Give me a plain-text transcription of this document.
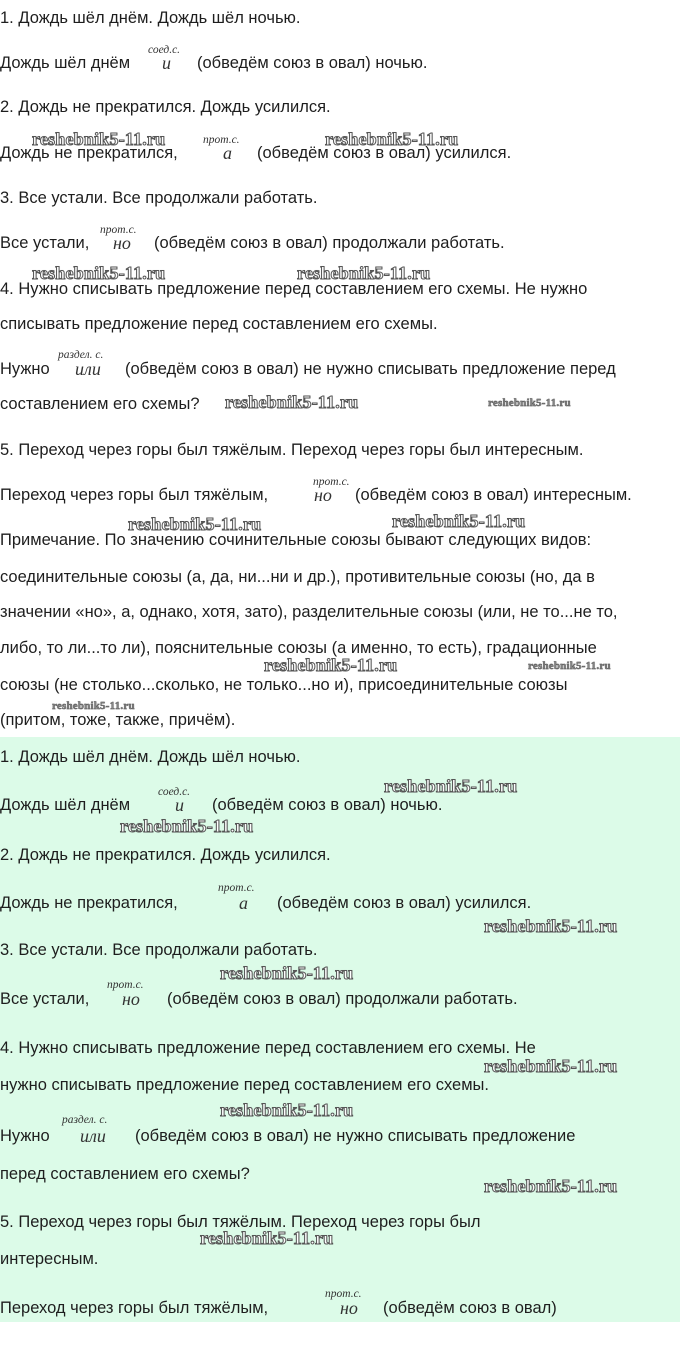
1. Дождь шёл днём. Дождь шёл ночью.
Дождь шёл днём
соед.с.
и (обведём союз в овал) ночью.
2. Дождь не прекратился. Дождь усилился.
reshebnik5-11.ru	reshebnik5-11.ru
Дождь не прекратился,
прот.с.
а (обведём союз в овал) усилился.
3. Все устали. Все продолжали работать.
Все устали,
прот.с.
но (обведём союз в овал) продолжали работать.
reshebnik5-11.ru	reshebnik5-11.ru
4. Нужно списывать предложение перед составлением его схемы. Не нужно
списывать предложение перед составлением его схемы.
Нужно
раздел. с.
или (обведём союз в овал) не нужно списывать предложение перед
составлением его схемы? reshebnik5-11.ru	reshebnik5-11.ru
5. Переход через горы был тяжёлым. Переход через горы был интересным.
Переход через горы был тяжёлым,
прот.с.
но (обведём союз в овал) интересным.
reshebnik5-11.ru	reshebnik5-11.ru
Примечание. По значению сочинительные союзы бывают следующих видов:
соединительные союзы (а, да, ни...ни и др.), противительные союзы (но, да в
значении «но», а, однако, хотя, зато), разделительные союзы (или, не то...не то,
либо, то ли...то ли), пояснительные союзы (а именно, то есть), градационные
reshebnik5-11.ru	reshebnik5-11.ru
союзы (не столько...сколько, не только...но и), присоединительные союзы
reshebnik5-11.ru
(притом, тоже, также, причём).
1. Дождь шёл днём. Дождь шёл ночью.
reshebnik5-11.ru
Дождь шёл днём
соед.с.
и (обведём союз в овал) ночью.
reshebnik5-11.ru
2. Дождь не прекратился. Дождь усилился.
Дождь не прекратился,
прот.с.
а (обведём союз в овал) усилился.
reshebnik5-11.ru
3. Все устали. Все продолжали работать.
reshebnik5-11.ru
Все устали,
прот.с.
но (обведём союз в овал) продолжали работать.
4. Нужно списывать предложение перед составлением его схемы. Не
reshebnik5-11.ru
нужно списывать предложение перед составлением его схемы.
reshebnik5-11.ru
Нужно
раздел. с.
или (обведём союз в овал) не нужно списывать предложение
перед составлением его схемы?
reshebnik5-11.ru
5. Переход через горы был тяжёлым. Переход через горы был
reshebnik5-11.ru
интересным.
Переход через горы был тяжёлым,
прот.с.
но (обведём союз в овал)
